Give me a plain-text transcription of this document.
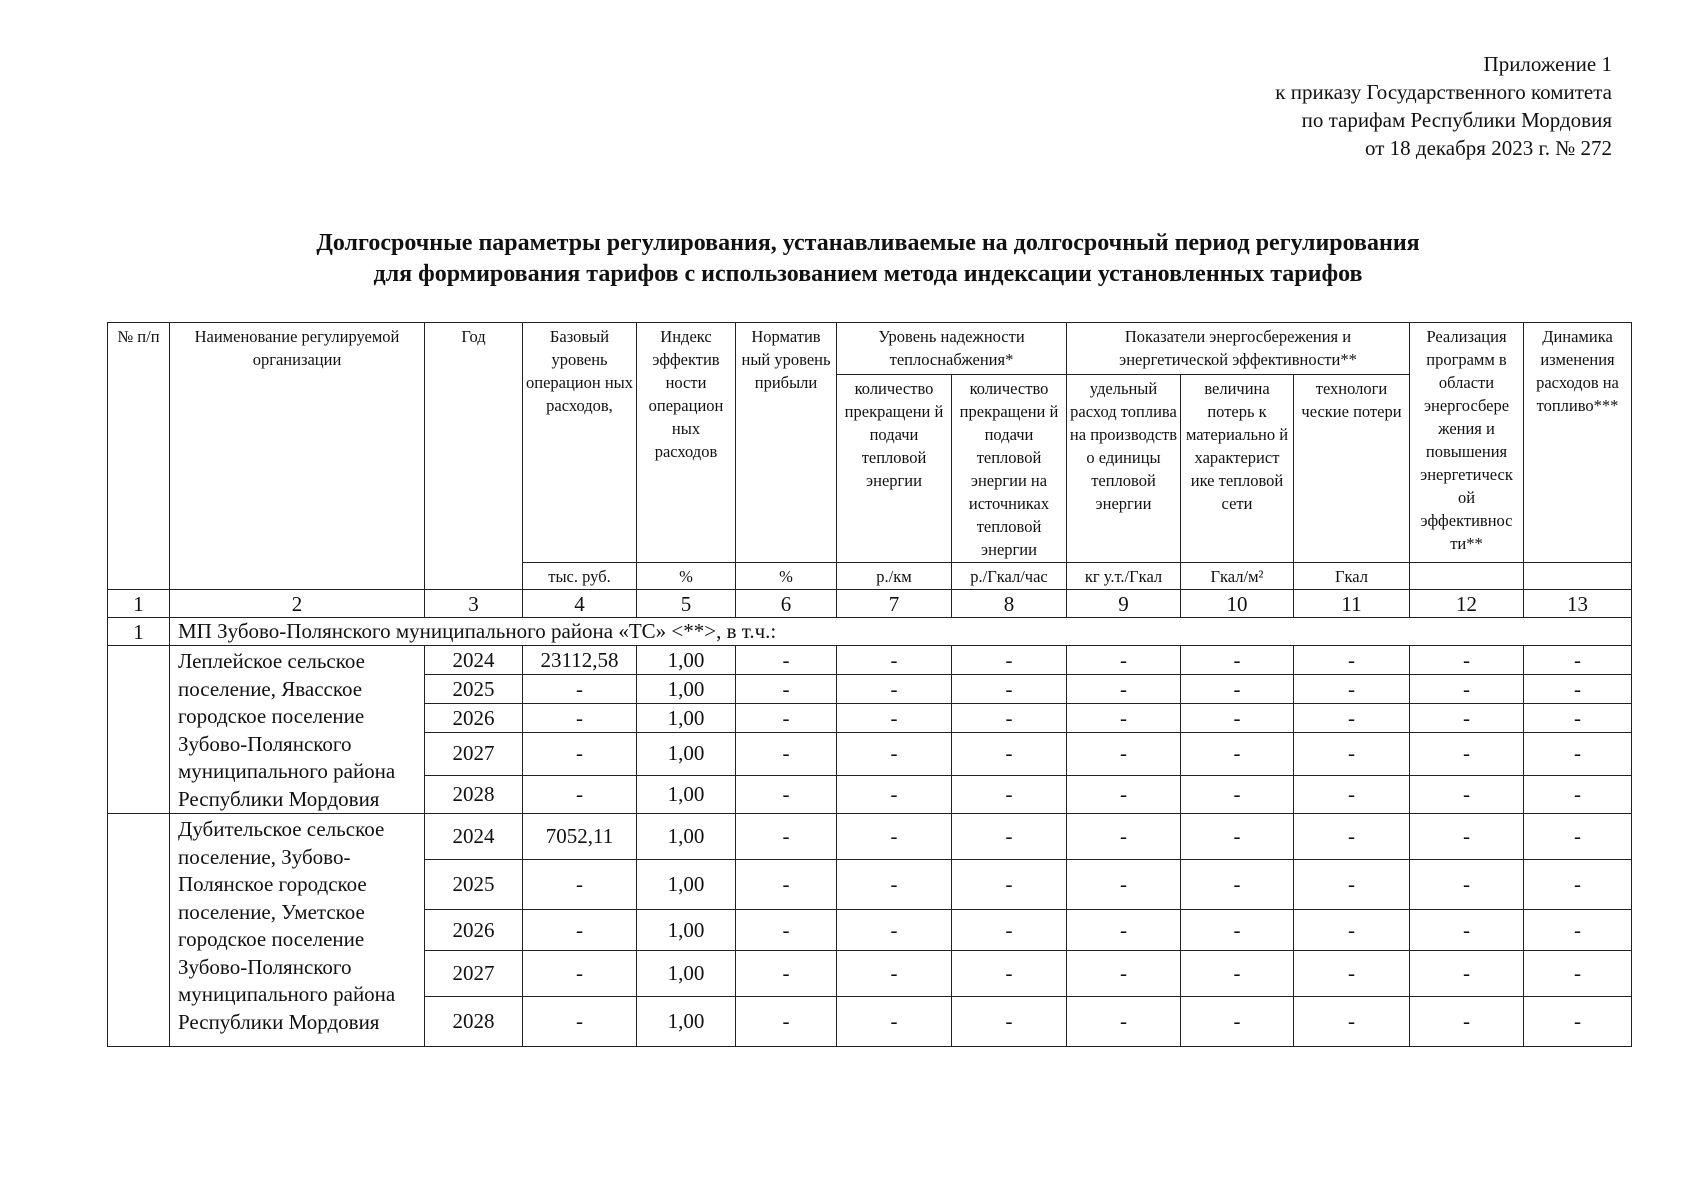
Приложение 1
к приказу Государственного комитета
по тарифам Республики Мордовия
от 18 декабря 2023 г. № 272
Долгосрочные параметры регулирования, устанавливаемые на долгосрочный период регулирования
для формирования тарифов с использованием метода индексации установленных тарифов
№ п/п	Наименование регулируемой организации	Год	Базовый уровень операцион ных расходов,	Индекс эффектив ности операцион ных расходов	Норматив ный уровень прибыли	Уровень надежности теплоснабжения*		Показатели энергосбережения и энергетической эффективности**			Реализация программ в области энергосбере жения и повышения энергетическ ой эффективнос ти**	Динамика изменения расходов на топливо***
						количество прекращени й подачи тепловой энергии	количество прекращени й подачи тепловой энергии на источниках тепловой энергии	удельный расход топлива на производств о единицы тепловой энергии	величина потерь к материально й характерист ике тепловой сети	технологи ческие потери		
			тыс. руб.	%	%	р./км	р./Гкал/час	кг у.т./Гкал	Гкал/м²	Гкал		
1	2	3	4	5	6	7	8	9	10	11	12	13
1	МП Зубово-Полянского муниципального района «ТС» <**>, в т.ч.:											
	Леплейское сельское поселение, Явасское городское поселение Зубово-Полянского муниципального района Республики Мордовия	2024	23112,58	1,00	-	-	-	-	-	-	-	-
		2025	-	1,00	-	-	-	-	-	-	-	-
		2026	-	1,00	-	-	-	-	-	-	-	-
		2027	-	1,00	-	-	-	-	-	-	-	-
		2028	-	1,00	-	-	-	-	-	-	-	-
	Дубительское сельское поселение, Зубово-Полянское городское поселение, Уметское городское поселение Зубово-Полянского муниципального района Республики Мордовия	2024	7052,11	1,00	-	-	-	-	-	-	-	-
		2025	-	1,00	-	-	-	-	-	-	-	-
		2026	-	1,00	-	-	-	-	-	-	-	-
		2027	-	1,00	-	-	-	-	-	-	-	-
		2028	-	1,00	-	-	-	-	-	-	-	-
